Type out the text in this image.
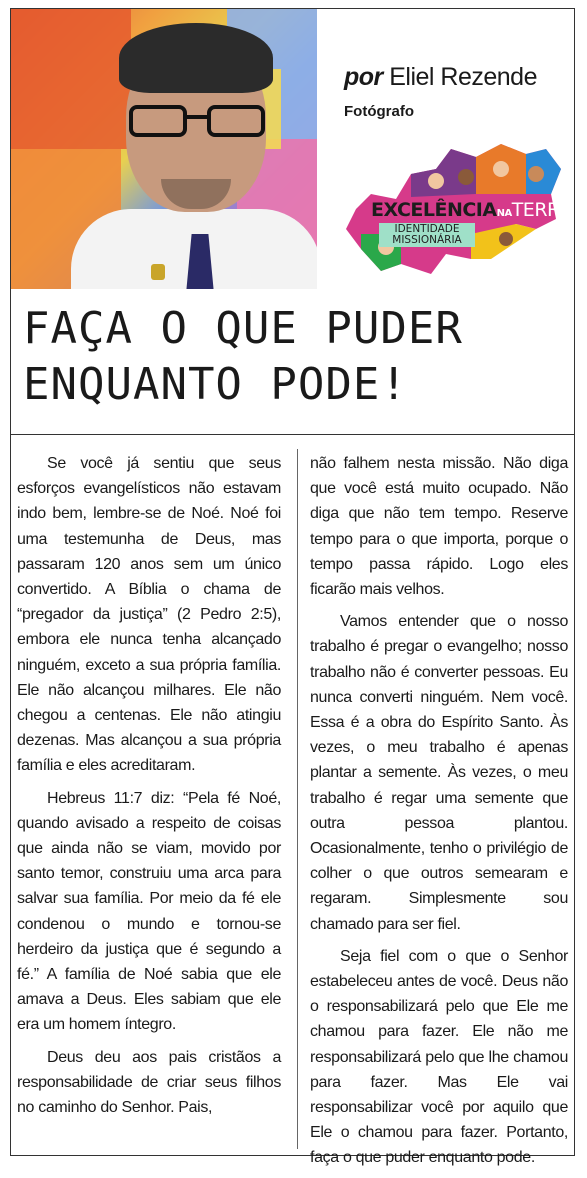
por Eliel Rezende
Fotógrafo
EXCELÊNCIANATERRA
IDENTIDADE MISSIONÁRIA
FAÇA O QUE PUDER
ENQUANTO PODE!

Se você já sentiu que seus esforços evangelísticos não estavam indo bem, lembre-se de Noé. Noé foi uma testemunha de Deus, mas passaram 120 anos sem um único convertido. A Bíblia o chama de “pregador da justiça” (2 Pedro 2:5), embora ele nunca tenha alcançado ninguém, exceto a sua própria família. Ele não alcançou milhares. Ele não chegou a centenas. Ele não atingiu dezenas. Mas alcançou a sua própria família e eles acreditaram.

Hebreus 11:7 diz: “Pela fé Noé, quando avisado a respeito de coisas que ainda não se viam, movido por santo temor, construiu uma arca para salvar sua família. Por meio da fé ele condenou o mundo e tornou-se herdeiro da justiça que é segundo a fé.” A família de Noé sabia que ele amava a Deus. Eles sabiam que ele era um homem íntegro.

Deus deu aos pais cristãos a responsabilidade de criar seus filhos no caminho do Senhor. Pais,

não falhem nesta missão. Não diga que você está muito ocupado. Não diga que não tem tempo. Reserve tempo para o que importa, porque o tempo passa rápido. Logo eles ficarão mais velhos.

Vamos entender que o nosso trabalho é pregar o evangelho; nosso trabalho não é converter pessoas. Eu nunca converti ninguém. Nem você. Essa é a obra do Espírito Santo. Às vezes, o meu trabalho é apenas plantar a semente. Às vezes, o meu trabalho é regar uma semente que outra pessoa plantou. Ocasionalmente, tenho o privilégio de colher o que outros semearam e regaram. Simplesmente sou chamado para ser fiel.

Seja fiel com o que o Senhor estabeleceu antes de você. Deus não o responsabilizará pelo que Ele me chamou para fazer. Ele não me responsabilizará pelo que lhe chamou para fazer. Mas Ele vai responsabilizar você por aquilo que Ele o chamou para fazer. Portanto, faça o que puder enquanto pode.
